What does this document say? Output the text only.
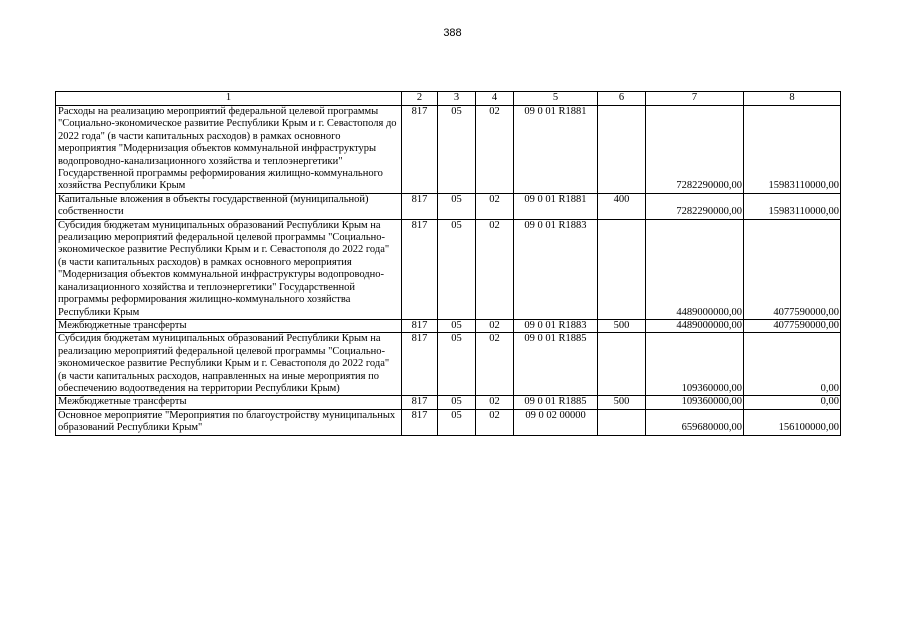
388
1	2	3	4	5	6	7	8
Расходы на реализацию мероприятий федеральной целевой программы "Социально-экономическое развитие Республики Крым и г. Севастополя до 2022 года" (в части капитальных расходов) в рамках основного мероприятия "Модернизация объектов коммунальной инфраструктуры водопроводно-канализационного хозяйства и теплоэнергетики" Государственной программы реформирования жилищно-коммунального хозяйства Республики Крым	817	05	02	09 0 01 R1881		7282290000,00	15983110000,00
Капитальные вложения в объекты государственной (муниципальной) собственности	817	05	02	09 0 01 R1881	400	7282290000,00	15983110000,00
Субсидия бюджетам муниципальных образований Республики Крым на реализацию мероприятий федеральной целевой программы "Социально-экономическое развитие Республики Крым и г. Севастополя до 2022 года" (в части капитальных расходов) в рамках основного мероприятия "Модернизация объектов коммунальной инфраструктуры водопроводно-канализационного хозяйства и теплоэнергетики" Государственной программы реформирования жилищно-коммунального хозяйства Республики Крым	817	05	02	09 0 01 R1883		4489000000,00	4077590000,00
Межбюджетные трансферты	817	05	02	09 0 01 R1883	500	4489000000,00	4077590000,00
Субсидия бюджетам муниципальных образований Республики Крым на реализацию мероприятий федеральной целевой программы "Социально-экономическое развитие Республики Крым и г. Севастополя до 2022 года" (в части капитальных расходов, направленных на иные мероприятия по обеспечению водоотведения на территории Республики Крым)	817	05	02	09 0 01 R1885		109360000,00	0,00
Межбюджетные трансферты	817	05	02	09 0 01 R1885	500	109360000,00	0,00
Основное мероприятие "Мероприятия по благоустройству муниципальных образований Республики Крым"	817	05	02	09 0 02 00000		659680000,00	156100000,00
